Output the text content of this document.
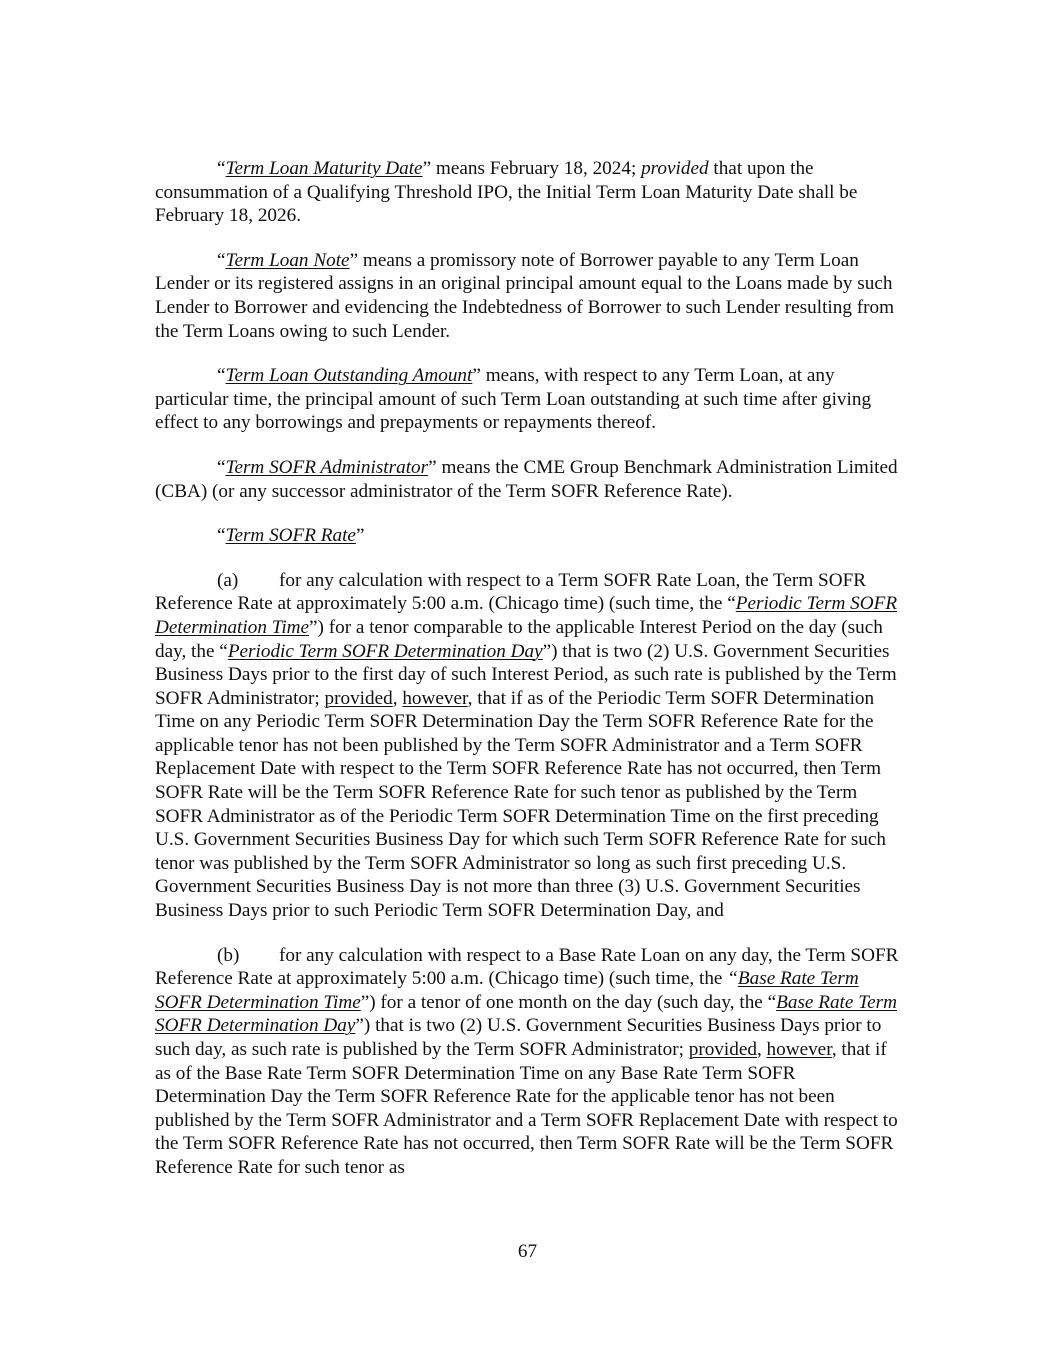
“Term Loan Maturity Date” means February 18, 2024; provided that upon the consummation of a Qualifying Threshold IPO, the Initial Term Loan Maturity Date shall be February 18, 2026.

“Term Loan Note” means a promissory note of Borrower payable to any Term Loan Lender or its registered assigns in an original principal amount equal to the Loans made by such Lender to Borrower and evidencing the Indebtedness of Borrower to such Lender resulting from the Term Loans owing to such Lender.

“Term Loan Outstanding Amount” means, with respect to any Term Loan, at any particular time, the principal amount of such Term Loan outstanding at such time after giving effect to any borrowings and prepayments or repayments thereof.

“Term SOFR Administrator” means the CME Group Benchmark Administration Limited (CBA) (or any successor administrator of the Term SOFR Reference Rate).

“Term SOFR Rate”

(a) for any calculation with respect to a Term SOFR Rate Loan, the Term SOFR Reference Rate at approximately 5:00 a.m. (Chicago time) (such time, the “Periodic Term SOFR Determination Time”) for a tenor comparable to the applicable Interest Period on the day (such day, the “Periodic Term SOFR Determination Day”) that is two (2) U.S. Government Securities Business Days prior to the first day of such Interest Period, as such rate is published by the Term SOFR Administrator; provided, however, that if as of the Periodic Term SOFR Determination Time on any Periodic Term SOFR Determination Day the Term SOFR Reference Rate for the applicable tenor has not been published by the Term SOFR Administrator and a Term SOFR Replacement Date with respect to the Term SOFR Reference Rate has not occurred, then Term SOFR Rate will be the Term SOFR Reference Rate for such tenor as published by the Term SOFR Administrator as of the Periodic Term SOFR Determination Time on the first preceding U.S. Government Securities Business Day for which such Term SOFR Reference Rate for such tenor was published by the Term SOFR Administrator so long as such first preceding U.S. Government Securities Business Day is not more than three (3) U.S. Government Securities Business Days prior to such Periodic Term SOFR Determination Day, and

(b) for any calculation with respect to a Base Rate Loan on any day, the Term SOFR Reference Rate at approximately 5:00 a.m. (Chicago time) (such time, the “Base Rate Term SOFR Determination Time”) for a tenor of one month on the day (such day, the “Base Rate Term SOFR Determination Day”) that is two (2) U.S. Government Securities Business Days prior to such day, as such rate is published by the Term SOFR Administrator; provided, however, that if as of the Base Rate Term SOFR Determination Time on any Base Rate Term SOFR Determination Day the Term SOFR Reference Rate for the applicable tenor has not been published by the Term SOFR Administrator and a Term SOFR Replacement Date with respect to the Term SOFR Reference Rate has not occurred, then Term SOFR Rate will be the Term SOFR Reference Rate for such tenor as

67
